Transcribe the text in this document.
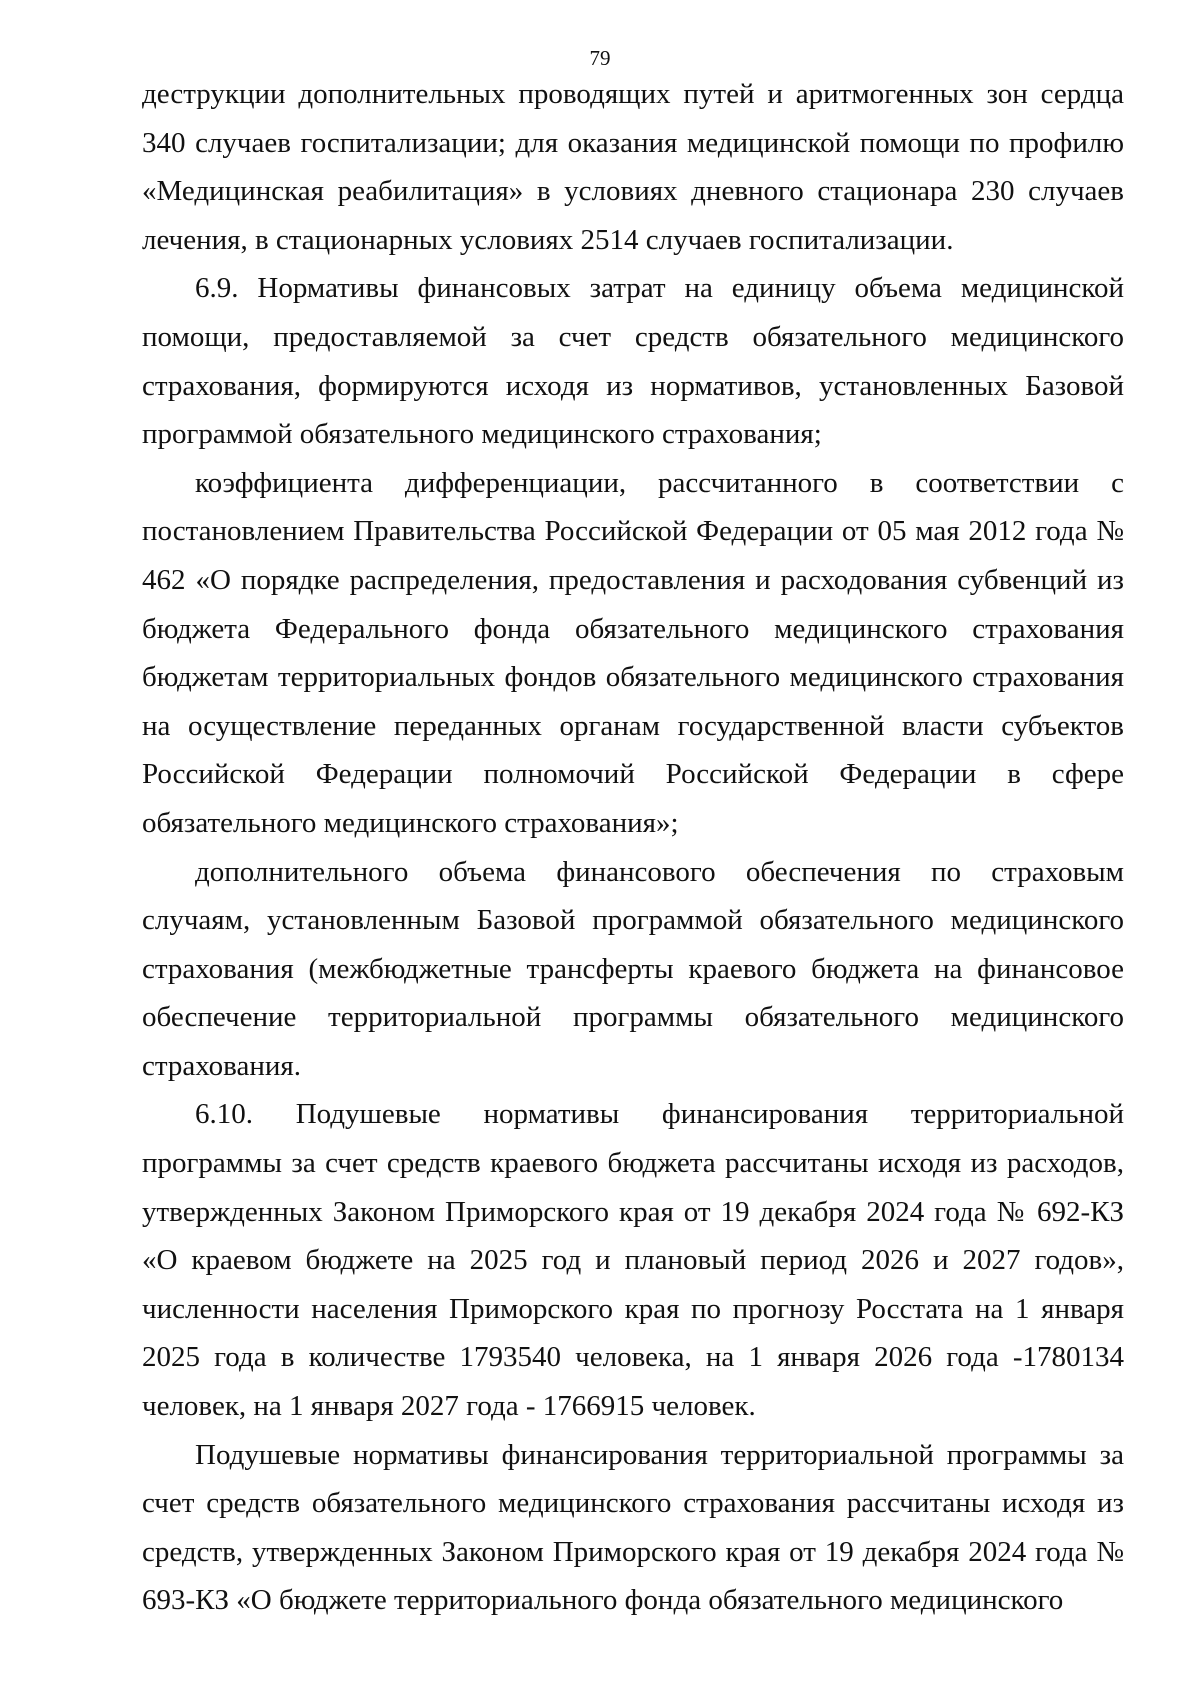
79

деструкции дополнительных проводящих путей и аритмогенных зон сердца 340 случаев госпитализации; для оказания медицинской помощи по профилю «Медицинская реабилитация» в условиях дневного стационара 230 случаев лечения, в стационарных условиях 2514 случаев госпитализации.

6.9. Нормативы финансовых затрат на единицу объема медицинской помощи, предоставляемой за счет средств обязательного медицинского страхования, формируются исходя из нормативов, установленных Базовой программой обязательного медицинского страхования;

коэффициента дифференциации, рассчитанного в соответствии с постановлением Правительства Российской Федерации от 05 мая 2012 года № 462 «О порядке распределения, предоставления и расходования субвенций из бюджета Федерального фонда обязательного медицинского страхования бюджетам территориальных фондов обязательного медицинского страхования на осуществление переданных органам государственной власти субъектов Российской Федерации полномочий Российской Федерации в сфере обязательного медицинского страхования»;

дополнительного объема финансового обеспечения по страховым случаям, установленным Базовой программой обязательного медицинского страхования (межбюджетные трансферты краевого бюджета на финансовое обеспечение территориальной программы обязательного медицинского страхования.

6.10. Подушевые нормативы финансирования территориальной программы за счет средств краевого бюджета рассчитаны исходя из расходов, утвержденных Законом Приморского края от 19 декабря 2024 года № 692-КЗ «О краевом бюджете на 2025 год и плановый период 2026 и 2027 годов», численности населения Приморского края по прогнозу Росстата на 1 января 2025 года в количестве 1793540 человека, на 1 января 2026 года -1780134 человек, на 1 января 2027 года - 1766915 человек.

Подушевые нормативы финансирования территориальной программы за счет средств обязательного медицинского страхования рассчитаны исходя из средств, утвержденных Законом Приморского края от 19 декабря 2024 года № 693-КЗ «О бюджете территориального фонда обязательного медицинского
